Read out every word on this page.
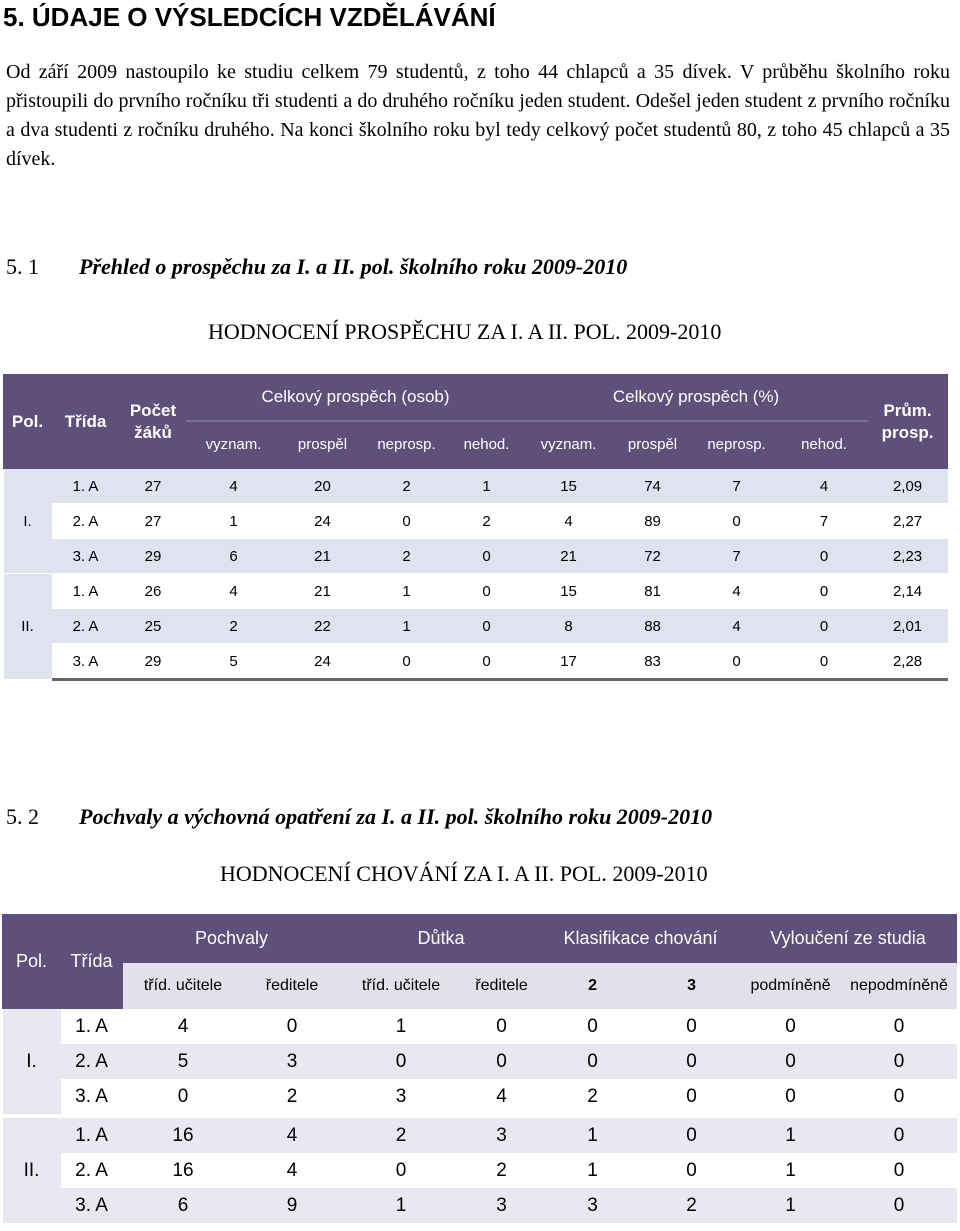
5. ÚDAJE O VÝSLEDCÍCH VZDĚLÁVÁNÍ
Od září 2009 nastoupilo ke studiu celkem 79 studentů, z toho 44 chlapců a 35 dívek. V průběhu školního roku přistoupili do prvního ročníku tři studenti a do druhého ročníku jeden student. Odešel jeden student z prvního ročníku a dva studenti z ročníku druhého. Na konci školního roku byl tedy celkový počet studentů 80, z toho 45 chlapců a 35 dívek.
5. 1 Přehled o prospěchu za I. a II. pol. školního roku 2009-2010
HODNOCENÍ PROSPĚCHU ZA I. A II. POL. 2009-2010
Pol.	Třída	Počet žáků	Celkový prospěch (osob)				Celkový prospěch (%)				Prům. prosp.
			vyznam.	prospěl	neprosp.	nehod.	vyznam.	prospěl	neprosp.	nehod.	
I.	1. A	27	4	20	2	1	15	74	7	4	2,09
	2. A	27	1	24	0	2	4	89	0	7	2,27
	3. A	29	6	21	2	0	21	72	7	0	2,23
II.	1. A	26	4	21	1	0	15	81	4	0	2,14
	2. A	25	2	22	1	0	8	88	4	0	2,01
	3. A	29	5	24	0	0	17	83	0	0	2,28
5. 2 Pochvaly a výchovná opatření za I. a II. pol. školního roku 2009-2010
HODNOCENÍ CHOVÁNÍ ZA I. A II. POL. 2009-2010
Pol.	Třída	Pochvaly		Důtka		Klasifikace chování		Vyloučení ze studia	
		tříd. učitele	ředitele	tříd. učitele	ředitele	2	3	podmíněně	nepodmíněně
I.	1. A	4	0	1	0	0	0	0	0
	2. A	5	3	0	0	0	0	0	0
	3. A	0	2	3	4	2	0	0	0
II.	1. A	16	4	2	3	1	0	1	0
	2. A	16	4	0	2	1	0	1	0
	3. A	6	9	1	3	3	2	1	0
